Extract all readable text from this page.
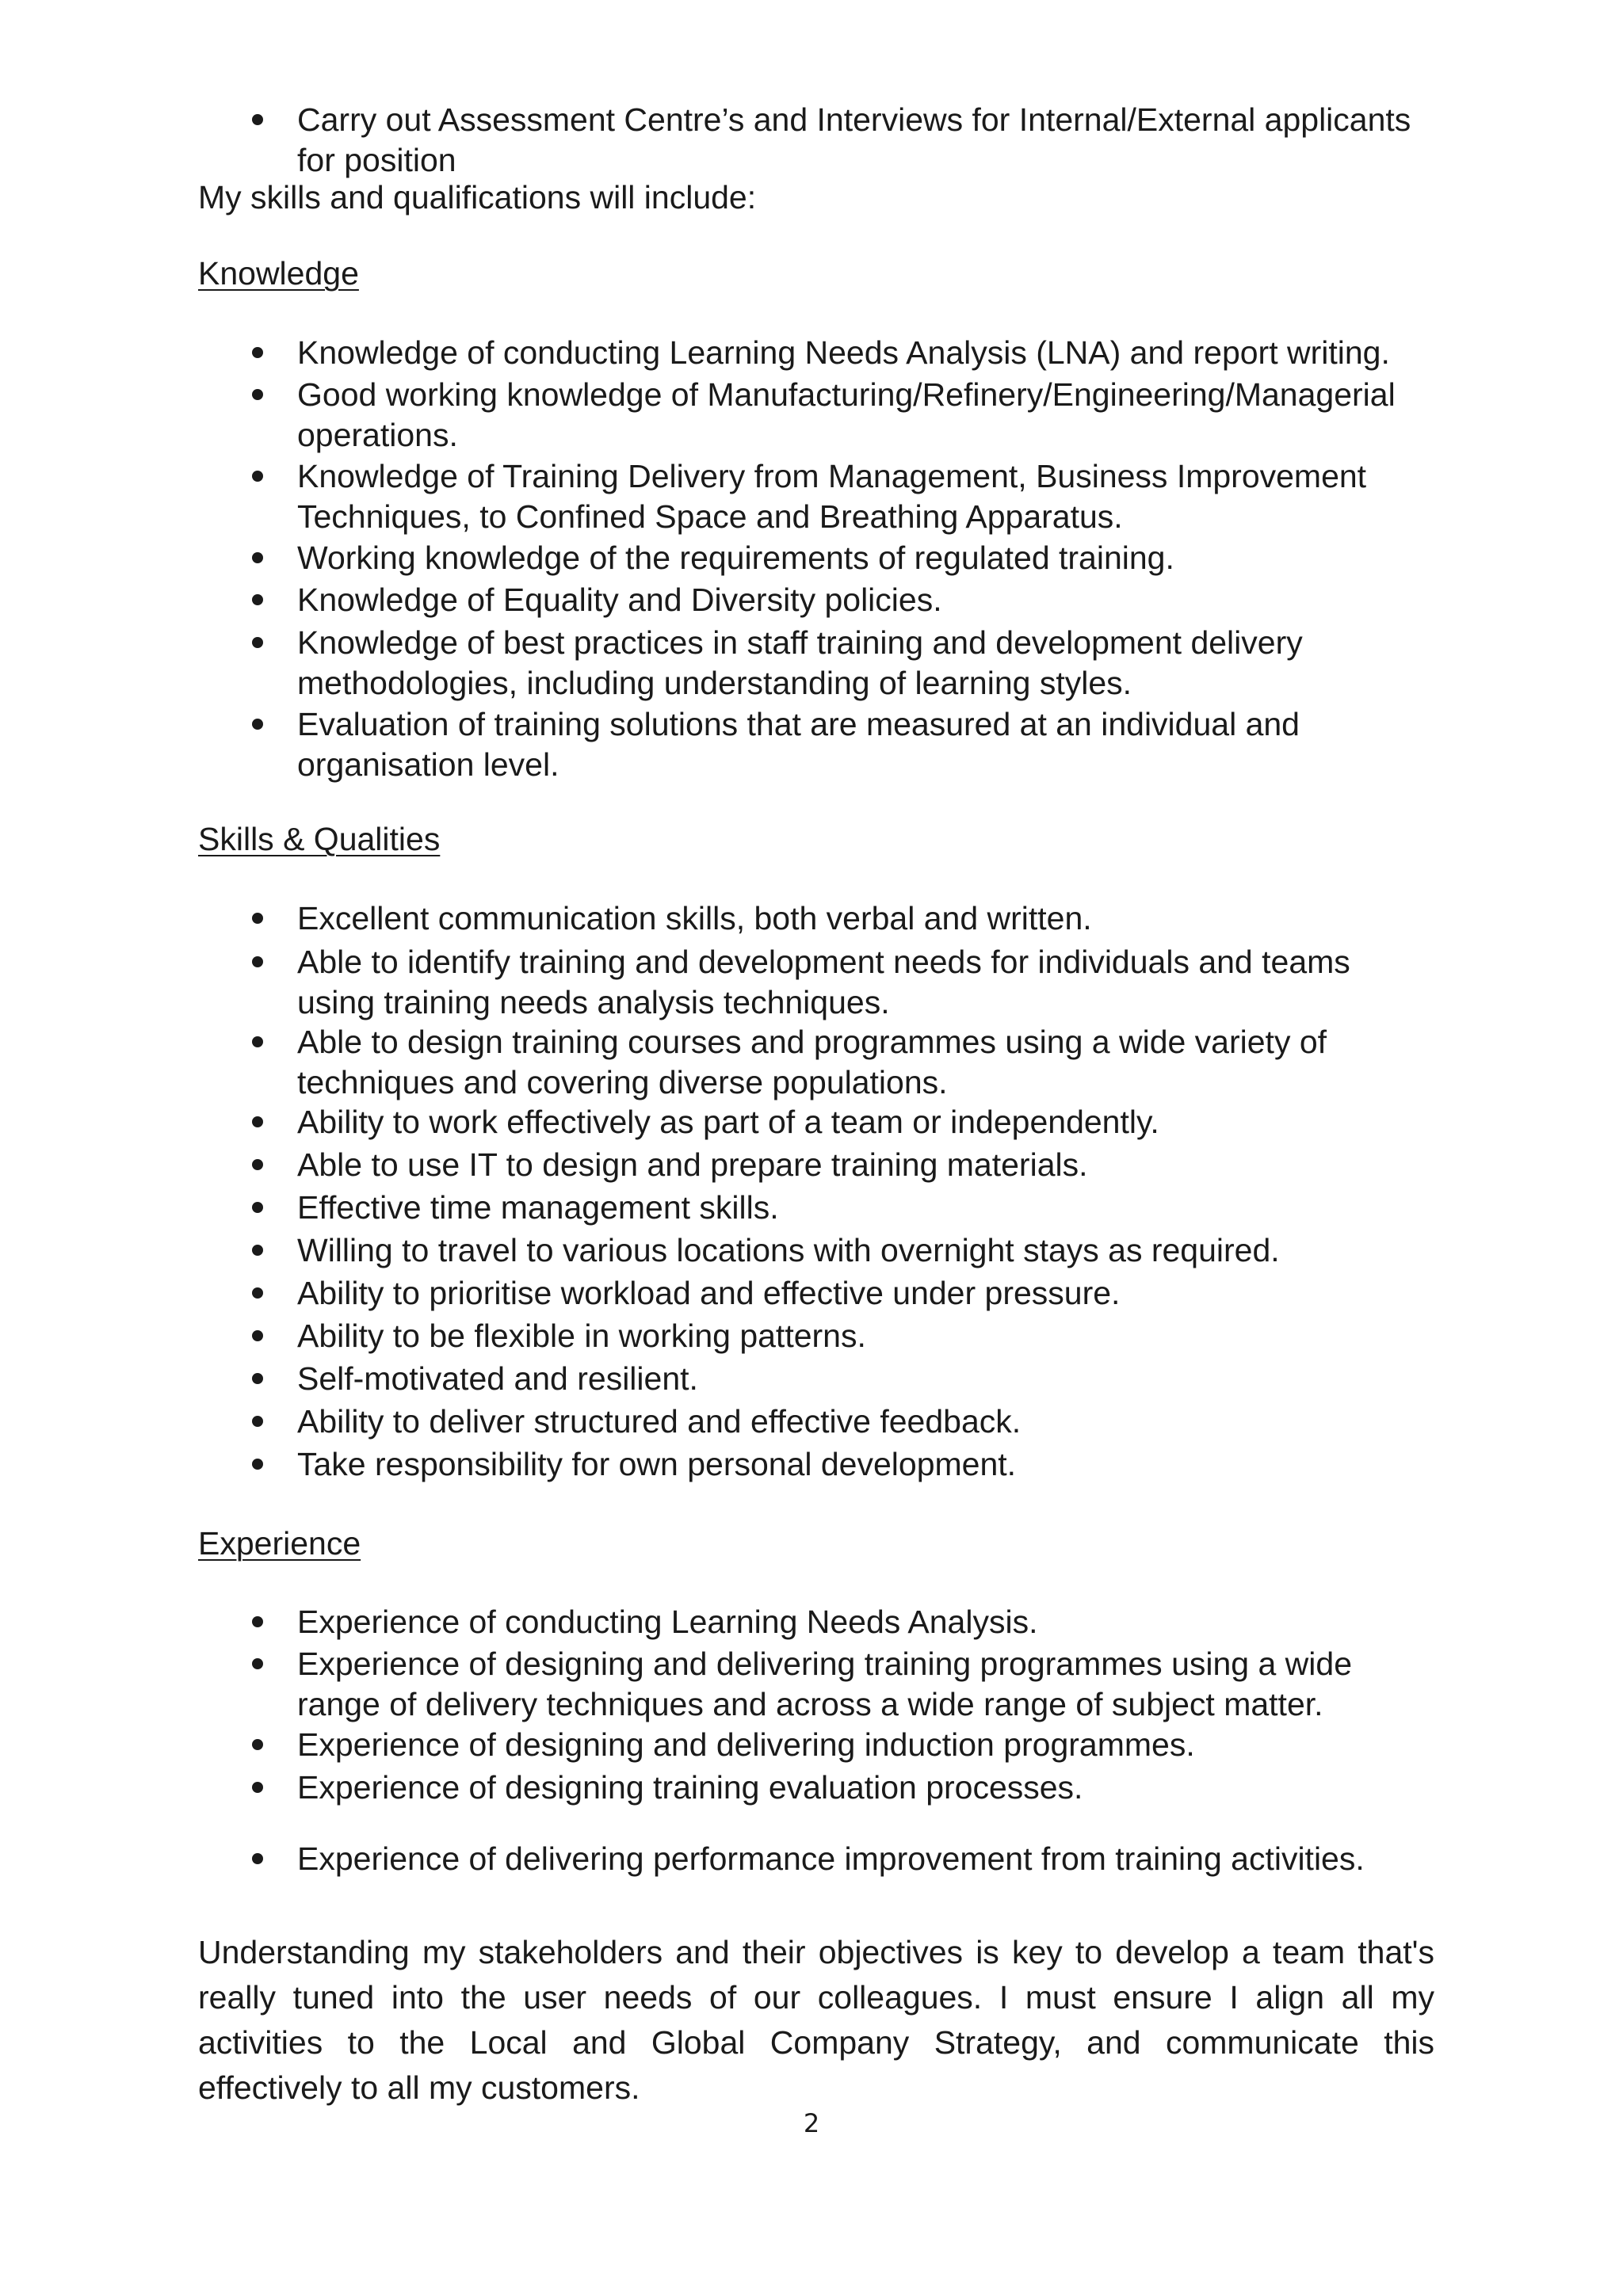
Carry out Assessment Centre’s and Interviews for Internal/External applicants

for position

My skills and qualifications will include:

Knowledge

Knowledge of conducting Learning Needs Analysis (LNA) and report writing.

Good working knowledge of Manufacturing/Refinery/Engineering/Managerial

operations.

Knowledge of Training Delivery from Management, Business Improvement

Techniques, to Confined Space and Breathing Apparatus.

Working knowledge of the requirements of regulated training.

Knowledge of Equality and Diversity policies.

Knowledge of best practices in staff training and development delivery

methodologies, including understanding of learning styles.

Evaluation of training solutions that are measured at an individual and

organisation level.

Skills & Qualities

Excellent communication skills, both verbal and written.

Able to identify training and development needs for individuals and teams

using training needs analysis techniques.

Able to design training courses and programmes using a wide variety of

techniques and covering diverse populations.

Ability to work effectively as part of a team or independently.

Able to use IT to design and prepare training materials.

Effective time management skills.

Willing to travel to various locations with overnight stays as required.

Ability to prioritise workload and effective under pressure.

Ability to be flexible in working patterns.

Self-motivated and resilient.

Ability to deliver structured and effective feedback.

Take responsibility for own personal development.

Experience

Experience of conducting Learning Needs Analysis.

Experience of designing and delivering training programmes using a wide

range of delivery techniques and across a wide range of subject matter.

Experience of designing and delivering induction programmes.

Experience of designing training evaluation processes.

Experience of delivering performance improvement from training activities.

Understanding my stakeholders and their objectives is key to develop a team that's
really tuned into the user needs of our colleagues. I must ensure I align all my
activities to the Local and Global Company Strategy, and communicate this
effectively to all my customers.

2
